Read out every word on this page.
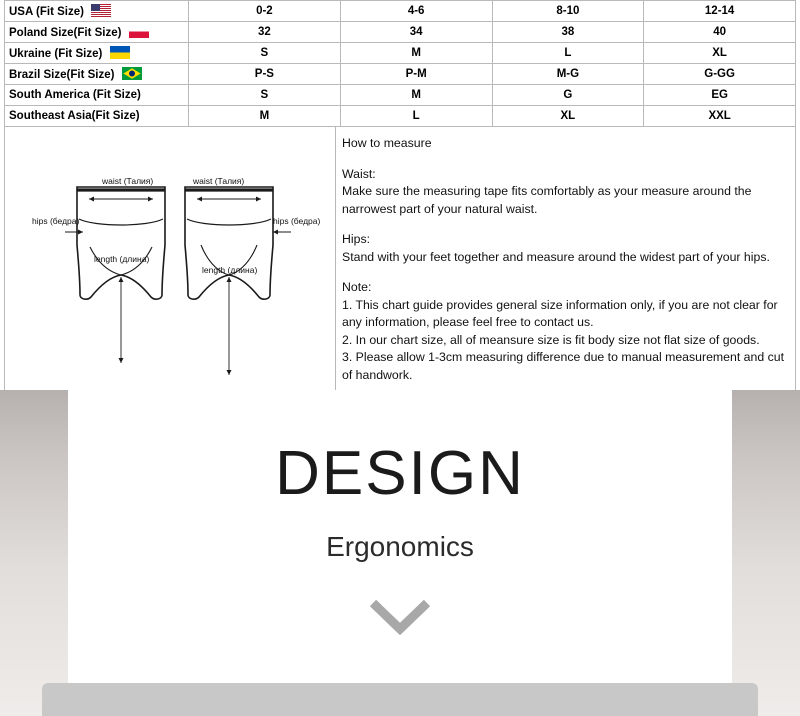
USA (Fit Size)	0-2	4-6	8-10	12-14
Poland Size(Fit Size)	32	34	38	40
Ukraine (Fit Size)	S	M	L	XL
Brazil Size(Fit Size)	P-S	P-M	M-G	G-GG
South America (Fit Size)	S	M	G	EG
Southeast Asia(Fit Size)	M	L	XL	XXL
waist (Талия)	waist (Талия)
hips (бедра)	hips (бедра)
length (длина)
length (длина)

How to measure

Waist:

Make sure the measuring tape fits comfortably as your measure around the narrowest part of your natural waist.

Hips:

Stand with your feet together and measure around the widest part of your hips.

Note:

1. This chart guide provides general size information only, if you are not clear for any information, please feel free to contact us.

2. In our chart size, all of meansure size is fit body size not flat size of goods.

3. Please allow 1-3cm measuring difference due to manual measurement and cut of handwork.

DESIGN
Ergonomics
